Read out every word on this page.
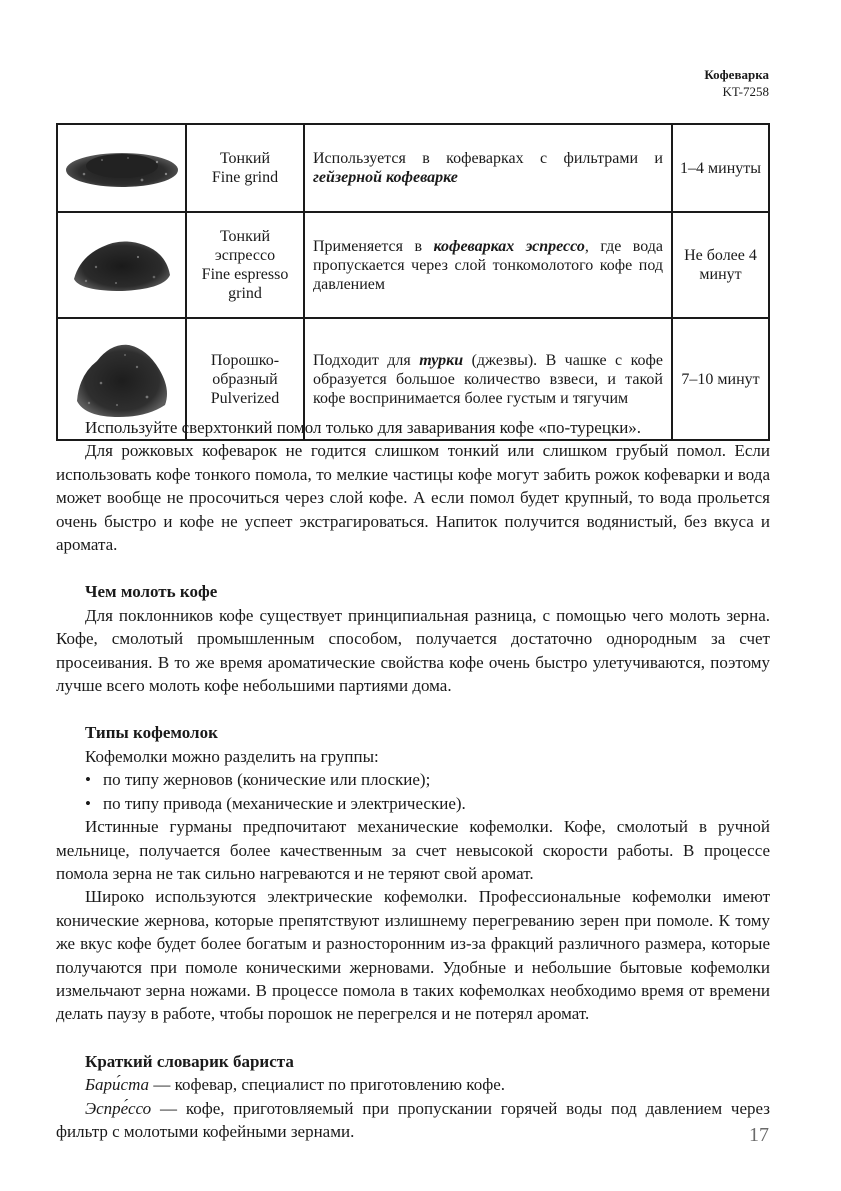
Кофеварка
KT-7258

Тонкий
Fine grind	Используется в кофеварках с фильтрами и гейзерной кофеварке	1–4 минуты

Тонкий
эспрессо
Fine espresso
grind	Применяется в кофеварках эспрессо, где вода пропускается через слой тонкомолотого кофе под давлением	Не более 4 минут

Порошко-
образный
Pulverized	Подходит для турки (джезвы). В чашке с кофе образуется большое количество взвеси, и такой кофе воспринимается более густым и тягучим	7–10 минут

Используйте сверхтонкий помол только для заваривания кофе «по-турецки».

Для рожковых кофеварок не годится слишком тонкий или слишком грубый помол. Если использовать кофе тонкого помола, то мелкие частицы кофе могут забить рожок кофеварки и вода может вообще не просочиться через слой кофе. А если помол будет крупный, то вода прольется очень быстро и кофе не успеет экстрагироваться. Напиток получится водянистый, без вкуса и аромата.

Чем молоть кофе

Для поклонников кофе существует принципиальная разница, с помощью чего молоть зерна. Кофе, смолотый промышленным способом, получается достаточно однородным за счет просеивания. В то же время ароматические свойства кофе очень быстро улетучиваются, поэтому лучше всего молоть кофе небольшими партиями дома.

Типы кофемолок

Кофемолки можно разделить на группы:

• по типу жерновов (конические или плоские);
• по типу привода (механические и электрические).

Истинные гурманы предпочитают механические кофемолки. Кофе, смолотый в ручной мельнице, получается более качественным за счет невысокой скорости работы. В процессе помола зерна не так сильно нагреваются и не теряют свой аромат.

Широко используются электрические кофемолки. Профессиональные кофемолки имеют конические жернова, которые препятствуют излишнему перегреванию зерен при помоле. К тому же вкус кофе будет более богатым и разносторонним из-за фракций различного размера, которые получаются при помоле коническими жерновами. Удобные и небольшие бытовые кофемолки измельчают зерна ножами. В процессе помола в таких кофемолках необходимо время от времени делать паузу в работе, чтобы порошок не перегрелся и не потерял аромат.

Краткий словарик бариста

Бари́ста — кофевар, специалист по приготовлению кофе.

Эспре́ссо — кофе, приготовляемый при пропускании горячей воды под давлением через фильтр с молотыми кофейными зернами.	17
